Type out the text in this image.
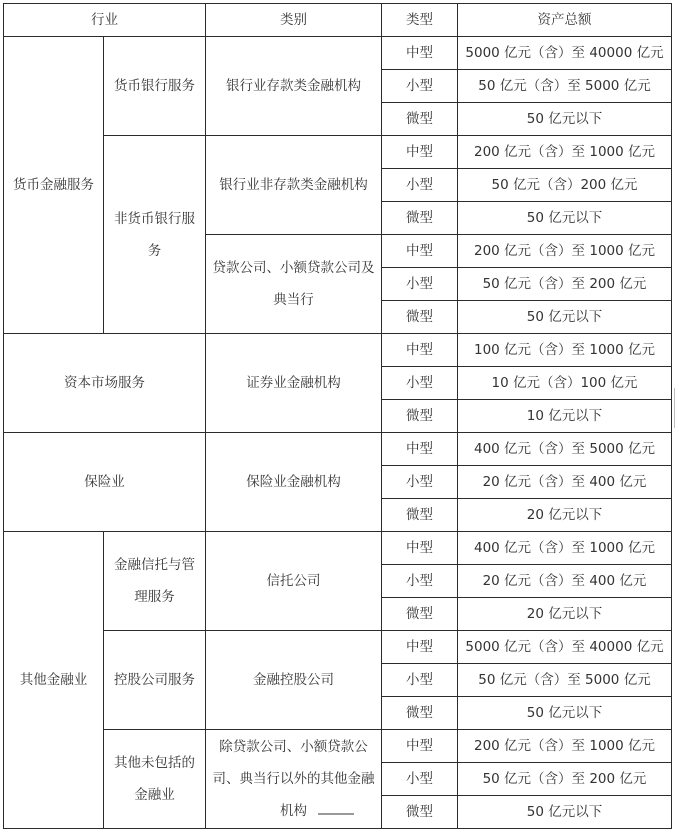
行业		类别	类型	资产总额
货币金融服务	货币银行服务	银行业存款类金融机构	中型	5000 亿元（含）至 40000 亿元
			小型	50 亿元（含）至 5000 亿元
			微型	50 亿元以下
	非货币银行服务	银行业非存款类金融机构	中型	200 亿元（含）至 1000 亿元
			小型	50 亿元（含）200 亿元
			微型	50 亿元以下
		贷款公司、小额贷款公司及典当行	中型	200 亿元（含）至 1000 亿元
			小型	50 亿元（含）至 200 亿元
			微型	50 亿元以下
资本市场服务		证券业金融机构	中型	100 亿元（含）至 1000 亿元
			小型	10 亿元（含）100 亿元
			微型	10 亿元以下
保险业		保险业金融机构	中型	400 亿元（含）至 5000 亿元
			小型	20 亿元（含）至 400 亿元
			微型	20 亿元以下
其他金融业	金融信托与管理服务	信托公司	中型	400 亿元（含）至 1000 亿元
			小型	20 亿元（含）至 400 亿元
			微型	20 亿元以下
	控股公司服务	金融控股公司	中型	5000 亿元（含）至 40000 亿元
			小型	50 亿元（含）至 5000 亿元
			微型	50 亿元以下
	其他未包括的金融业	除贷款公司、小额贷款公司、典当行以外的其他金融机构	中型	200 亿元（含）至 1000 亿元
			小型	50 亿元（含）至 200 亿元
			微型	50 亿元以下
